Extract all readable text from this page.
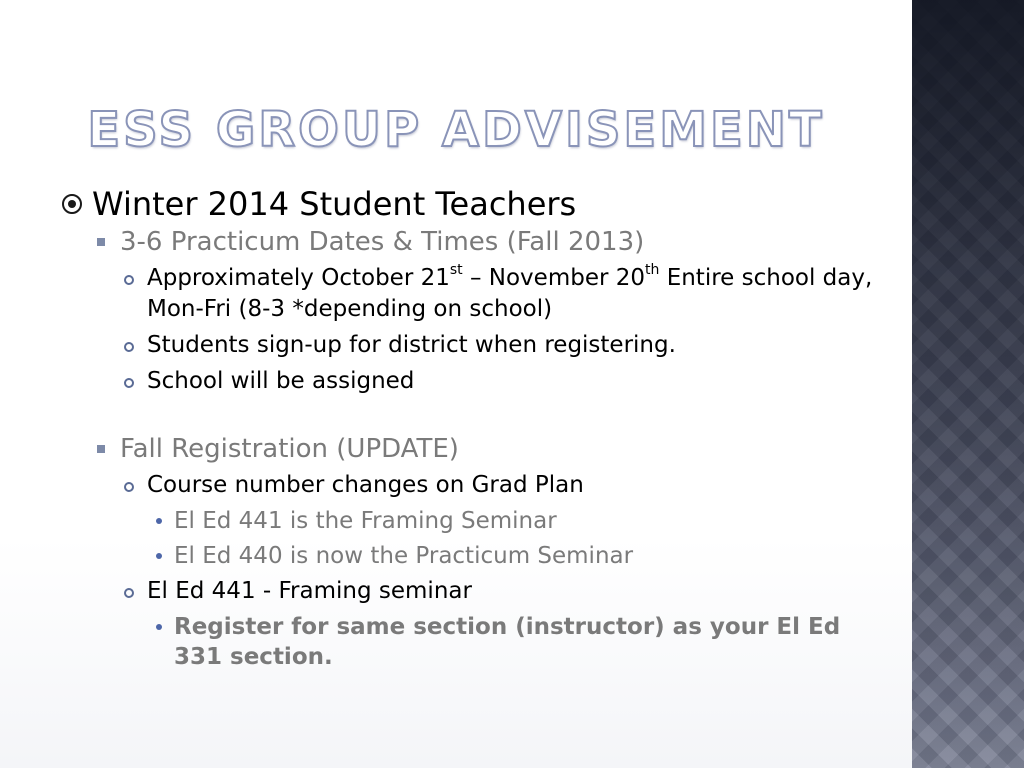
ESS GROUP ADVISEMENT
Winter 2014 Student Teachers
3-6 Practicum Dates & Times (Fall 2013)
Approximately October 21st – November 20th Entire school day, Mon-Fri (8-3 *depending on school)
Students sign-up for district when registering.
School will be assigned
Fall Registration (UPDATE)
Course number changes on Grad Plan
El Ed 441 is the Framing Seminar
El Ed 440 is now the Practicum Seminar
El Ed 441 - Framing seminar
Register for same section (instructor) as your El Ed 331 section.
